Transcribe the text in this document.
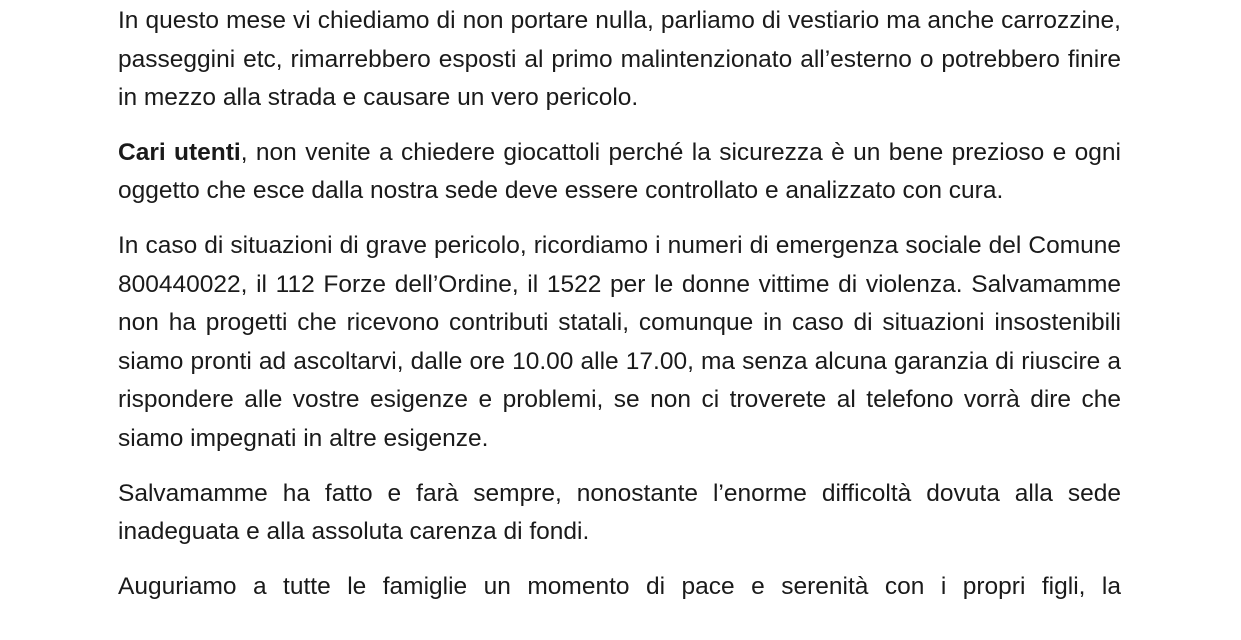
In questo mese vi chiediamo di non portare nulla, parliamo di vestiario ma anche carrozzine, passeggini etc, rimarrebbero esposti al primo malintenzionato all’esterno o potrebbero finire in mezzo alla strada e causare un vero pericolo.

Cari utenti, non venite a chiedere giocattoli perché la sicurezza è un bene prezioso e ogni oggetto che esce dalla nostra sede deve essere controllato e analizzato con cura.

In caso di situazioni di grave pericolo, ricordiamo i numeri di emergenza sociale del Comune 800440022, il 112 Forze dell’Ordine, il 1522 per le donne vittime di violenza. Salvamamme non ha progetti che ricevono contributi statali, comunque in caso di situazioni insostenibili siamo pronti ad ascoltarvi, dalle ore 10.00 alle 17.00, ma senza alcuna garanzia di riuscire a rispondere alle vostre esigenze e problemi, se non ci troverete al telefono vorrà dire che siamo impegnati in altre esigenze.

Salvamamme ha fatto e farà sempre, nonostante l’enorme difficoltà dovuta alla sede inadeguata e alla assoluta carenza di fondi.

Auguriamo a tutte le famiglie un momento di pace e serenità con i propri figli, la
